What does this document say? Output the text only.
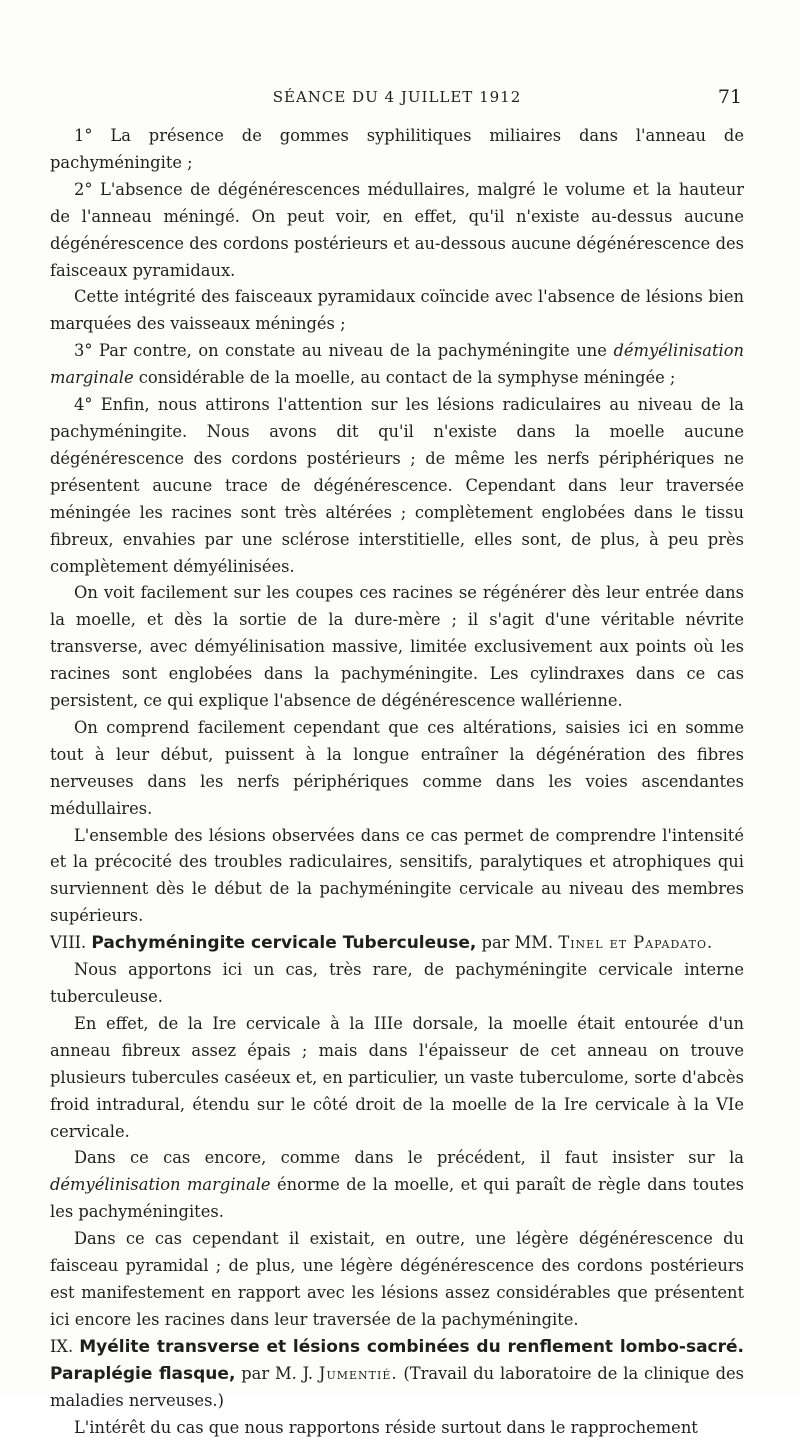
SÉANCE DU 4 JUILLET 1912	71

1° La présence de gommes syphilitiques miliaires dans l'anneau de pachyméningite ;

2° L'absence de dégénérescences médullaires, malgré le volume et la hauteur de l'anneau méningé. On peut voir, en effet, qu'il n'existe au-dessus aucune dégénérescence des cordons postérieurs et au-dessous aucune dégénérescence des faisceaux pyramidaux.

Cette intégrité des faisceaux pyramidaux coïncide avec l'absence de lésions bien marquées des vaisseaux méningés ;

3° Par contre, on constate au niveau de la pachyméningite une démyélinisation marginale considérable de la moelle, au contact de la symphyse méningée ;

4° Enfin, nous attirons l'attention sur les lésions radiculaires au niveau de la pachyméningite. Nous avons dit qu'il n'existe dans la moelle aucune dégénérescence des cordons postérieurs ; de même les nerfs périphériques ne présentent aucune trace de dégénérescence. Cependant dans leur traversée méningée les racines sont très altérées ; complètement englobées dans le tissu fibreux, envahies par une sclérose interstitielle, elles sont, de plus, à peu près complètement démyélinisées.

On voit facilement sur les coupes ces racines se régénérer dès leur entrée dans la moelle, et dès la sortie de la dure-mère ; il s'agit d'une véritable névrite transverse, avec démyélinisation massive, limitée exclusivement aux points où les racines sont englobées dans la pachyméningite. Les cylindraxes dans ce cas persistent, ce qui explique l'absence de dégénérescence wallérienne.

On comprend facilement cependant que ces altérations, saisies ici en somme tout à leur début, puissent à la longue entraîner la dégénération des fibres nerveuses dans les nerfs périphériques comme dans les voies ascendantes médullaires.

L'ensemble des lésions observées dans ce cas permet de comprendre l'intensité et la précocité des troubles radiculaires, sensitifs, paralytiques et atrophiques qui surviennent dès le début de la pachyméningite cervicale au niveau des membres supérieurs.

VIII. Pachyméningite cervicale Tuberculeuse, par MM. Tinel et Papadato.

Nous apportons ici un cas, très rare, de pachyméningite cervicale interne tuberculeuse.

En effet, de la Ire cervicale à la IIIe dorsale, la moelle était entourée d'un anneau fibreux assez épais ; mais dans l'épaisseur de cet anneau on trouve plusieurs tubercules caséeux et, en particulier, un vaste tuberculome, sorte d'abcès froid intradural, étendu sur le côté droit de la moelle de la Ire cervicale à la VIe cervicale.

Dans ce cas encore, comme dans le précédent, il faut insister sur la démyélinisation marginale énorme de la moelle, et qui paraît de règle dans toutes les pachyméningites.

Dans ce cas cependant il existait, en outre, une légère dégénérescence du faisceau pyramidal ; de plus, une légère dégénérescence des cordons postérieurs est manifestement en rapport avec les lésions assez considérables que présentent ici encore les racines dans leur traversée de la pachyméningite.

IX. Myélite transverse et lésions combinées du renflement lombo-sacré. Paraplégie flasque, par M. J. Jumentié. (Travail du laboratoire de la clinique des maladies nerveuses.)

L'intérêt du cas que nous rapportons réside surtout dans le rapprochement
